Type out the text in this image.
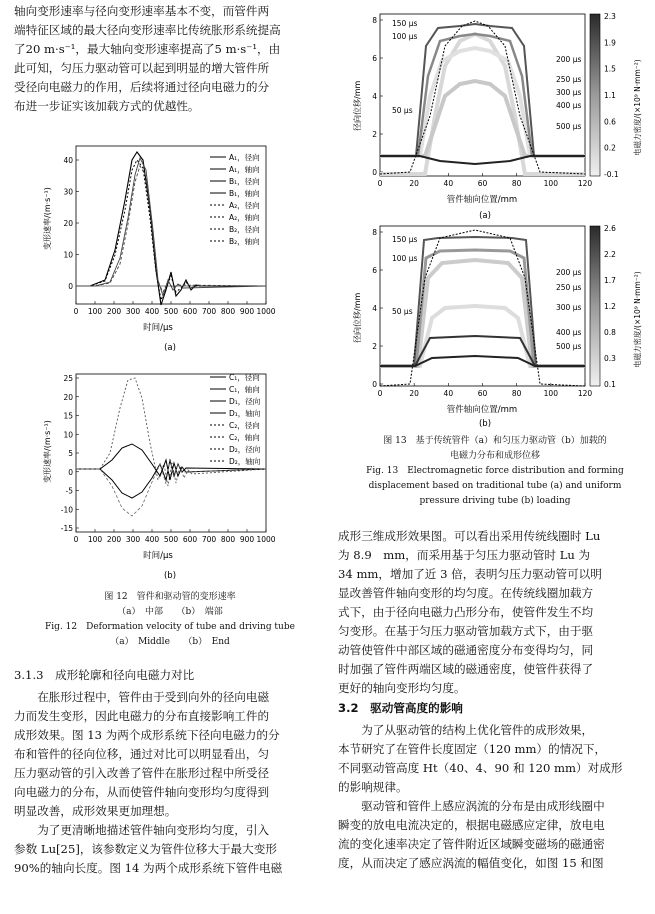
轴向变形速率与径向变形速率基本不变，而管件两
端特征区域的最大径向变形速率比传统胀形系统提高
了20 m·s⁻¹，最大轴向变形速率提高了5 m·s⁻¹，由
此可知，匀压力驱动管可以起到明显的增大管件所
受径向电磁力的作用，后续将通过径向电磁力的分
布进一步证实该加载方式的优越性。
0
10
20
30
40
0 100 200 300 400 500 600 700 800 900 1000
A₁，径向
A₁，轴向
B₁，径向
B₁，轴向
A₂，径向
A₂，轴向
B₂，径向
B₂，轴向
变形速率/(m·s⁻¹)
时间/μs
(a)
-15
-10
-5
0
5
10
15
20
25
0 100 200 300 400 500 600 700 800 900 1000
C₁，径向
C₁，轴向
D₁，径向
D₁，轴向
C₂，径向
C₂，轴向
D₂，径向
D₂，轴向
变形速率/(m·s⁻¹)
时间/μs
(b)
图 12　管件和驱动管的变形速率
（a）　中部　　（b）　端部
Fig. 12　Deformation velocity of tube and driving tube
（a）　Middle　　（b）　End
3.1.3　成形轮廓和径向电磁力对比
在胀形过程中，管件由于受到向外的径向电磁
力而发生变形，因此电磁力的分布直接影响工件的
成形效果。图 13 为两个成形系统下径向电磁力的分
布和管件的径向位移，通过对比可以明显看出，匀
压力驱动管的引入改善了管件在胀形过程中所受径
向电磁力的分布，从而使管件轴向变形均匀度得到
明显改善，成形效果更加理想。
为了更清晰地描述管件轴向变形均匀度，引入
参数 Lu[25]，该参数定义为管件位移大于最大变形
90%的轴向长度。图 14 为两个成形系统下管件电磁
0
2
4
6
8
0	20	40	60	80	100	120
2.3
1.9
1.5
1.1
0.6
0.2
-0.1
150 μs
100 μs
50 μs
200 μs
250 μs
300 μs
400 μs
500 μs	电磁力密度/(×10⁹ N·mm⁻²)
径向位移/mm
管件轴向位置/mm
(a)
0
2
4
6
8
0	20	40	60	80	100	120
2.6
2.2
1.7
1.2
0.8
0.3
0.1
150 μs
100 μs
50 μs
200 μs
250 μs
300 μs
400 μs
500 μs	电磁力密度/(×10⁹ N·mm⁻²)
径向位移/mm
管件轴向位置/mm
(b)
图 13　基于传统管件（a）和匀压力驱动管（b）加载的
电磁力分布和成形位移
Fig. 13　Electromagnetic force distribution and forming
displacement based on traditional tube (a) and uniform
pressure driving tube (b) loading
成形三维成形效果图。可以看出采用传统线圈时 Lu
为 8.9　mm，而采用基于匀压力驱动管时 Lu 为
34 mm，增加了近 3 倍，表明匀压力驱动管可以明
显改善管件轴向变形的均匀度。在传统线圈加载方
式下，由于径向电磁力凸形分布，使管件发生不均
匀变形。在基于匀压力驱动管加载方式下，由于驱
动管使管件中部区域的磁通密度分布变得均匀，同
时加强了管件两端区域的磁通密度，使管件获得了
更好的轴向变形均匀度。
3.2　驱动管高度的影响
为了从驱动管的结构上优化管件的成形效果，
本节研究了在管件长度固定（120 mm）的情况下，
不同驱动管高度 Ht（40、4、90 和 120 mm）对成形
的影响规律。
驱动管和管件上感应涡流的分布是由成形线圈中
瞬变的放电电流决定的，根据电磁感应定律，放电电
流的变化速率决定了管件附近区域瞬变磁场的磁通密
度，从而决定了感应涡流的幅值变化，如图 15 和图
